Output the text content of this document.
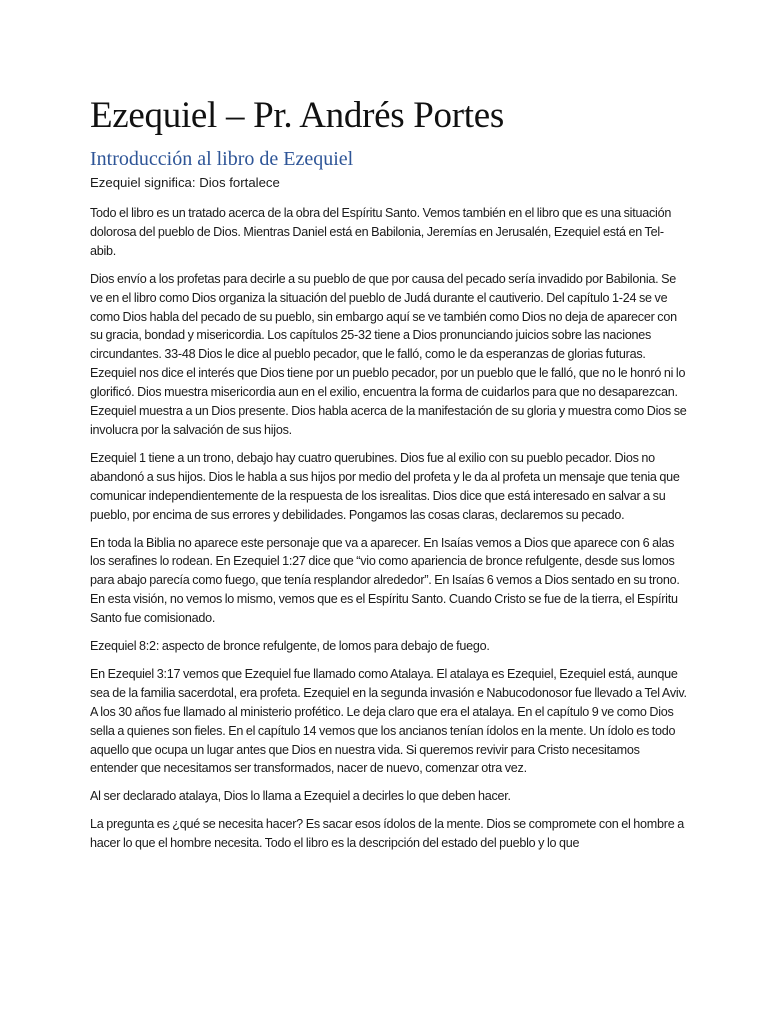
Ezequiel – Pr. Andrés Portes
Introducción al libro de Ezequiel

Ezequiel significa: Dios fortalece

Todo el libro es un tratado acerca de la obra del Espíritu Santo. Vemos también en el libro que es una situación dolorosa del pueblo de Dios. Mientras Daniel está en Babilonia, Jeremías en Jerusalén, Ezequiel está en Tel-abib.

Dios envío a los profetas para decirle a su pueblo de que por causa del pecado sería invadido por Babilonia. Se ve en el libro como Dios organiza la situación del pueblo de Judá durante el cautiverio. Del capítulo 1-24 se ve como Dios habla del pecado de su pueblo, sin embargo aquí se ve también como Dios no deja de aparecer con su gracia, bondad y misericordia. Los capítulos 25-32 tiene a Dios pronunciando juicios sobre las naciones circundantes. 33-48 Dios le dice al pueblo pecador, que le falló, como le da esperanzas de glorias futuras. Ezequiel nos dice el interés que Dios tiene por un pueblo pecador, por un pueblo que le falló, que no le honró ni lo glorificó. Dios muestra misericordia aun en el exilio, encuentra la forma de cuidarlos para que no desaparezcan. Ezequiel muestra a un Dios presente. Dios habla acerca de la manifestación de su gloria y muestra como Dios se involucra por la salvación de sus hijos.

Ezequiel 1 tiene a un trono, debajo hay cuatro querubines. Dios fue al exilio con su pueblo pecador. Dios no abandonó a sus hijos. Dios le habla a sus hijos por medio del profeta y le da al profeta un mensaje que tenia que comunicar independientemente de la respuesta de los isrealitas. Dios dice que está interesado en salvar a su pueblo, por encima de sus errores y debilidades. Pongamos las cosas claras, declaremos su pecado.

En toda la Biblia no aparece este personaje que va a aparecer. En Isaías vemos a Dios que aparece con 6 alas los serafines lo rodean. En Ezequiel 1:27 dice que “vio como apariencia de bronce refulgente, desde sus lomos para abajo parecía como fuego, que tenía resplandor alrededor”. En Isaías 6 vemos a Dios sentado en su trono. En esta visión, no vemos lo mismo, vemos que es el Espíritu Santo. Cuando Cristo se fue de la tierra, el Espíritu Santo fue comisionado.

Ezequiel 8:2: aspecto de bronce refulgente, de lomos para debajo de fuego.

En Ezequiel 3:17 vemos que Ezequiel fue llamado como Atalaya. El atalaya es Ezequiel, Ezequiel está, aunque sea de la familia sacerdotal, era profeta. Ezequiel en la segunda invasión e Nabucodonosor fue llevado a Tel Aviv. A los 30 años fue llamado al ministerio profético. Le deja claro que era el atalaya. En el capítulo 9 ve como Dios sella a quienes son fieles. En el capítulo 14 vemos que los ancianos tenían ídolos en la mente. Un ídolo es todo aquello que ocupa un lugar antes que Dios en nuestra vida. Si queremos revivir para Cristo necesitamos entender que necesitamos ser transformados, nacer de nuevo, comenzar otra vez.

Al ser declarado atalaya, Dios lo llama a Ezequiel a decirles lo que deben hacer.

La pregunta es ¿qué se necesita hacer? Es sacar esos ídolos de la mente. Dios se compromete con el hombre a hacer lo que el hombre necesita. Todo el libro es la descripción del estado del pueblo y lo que
